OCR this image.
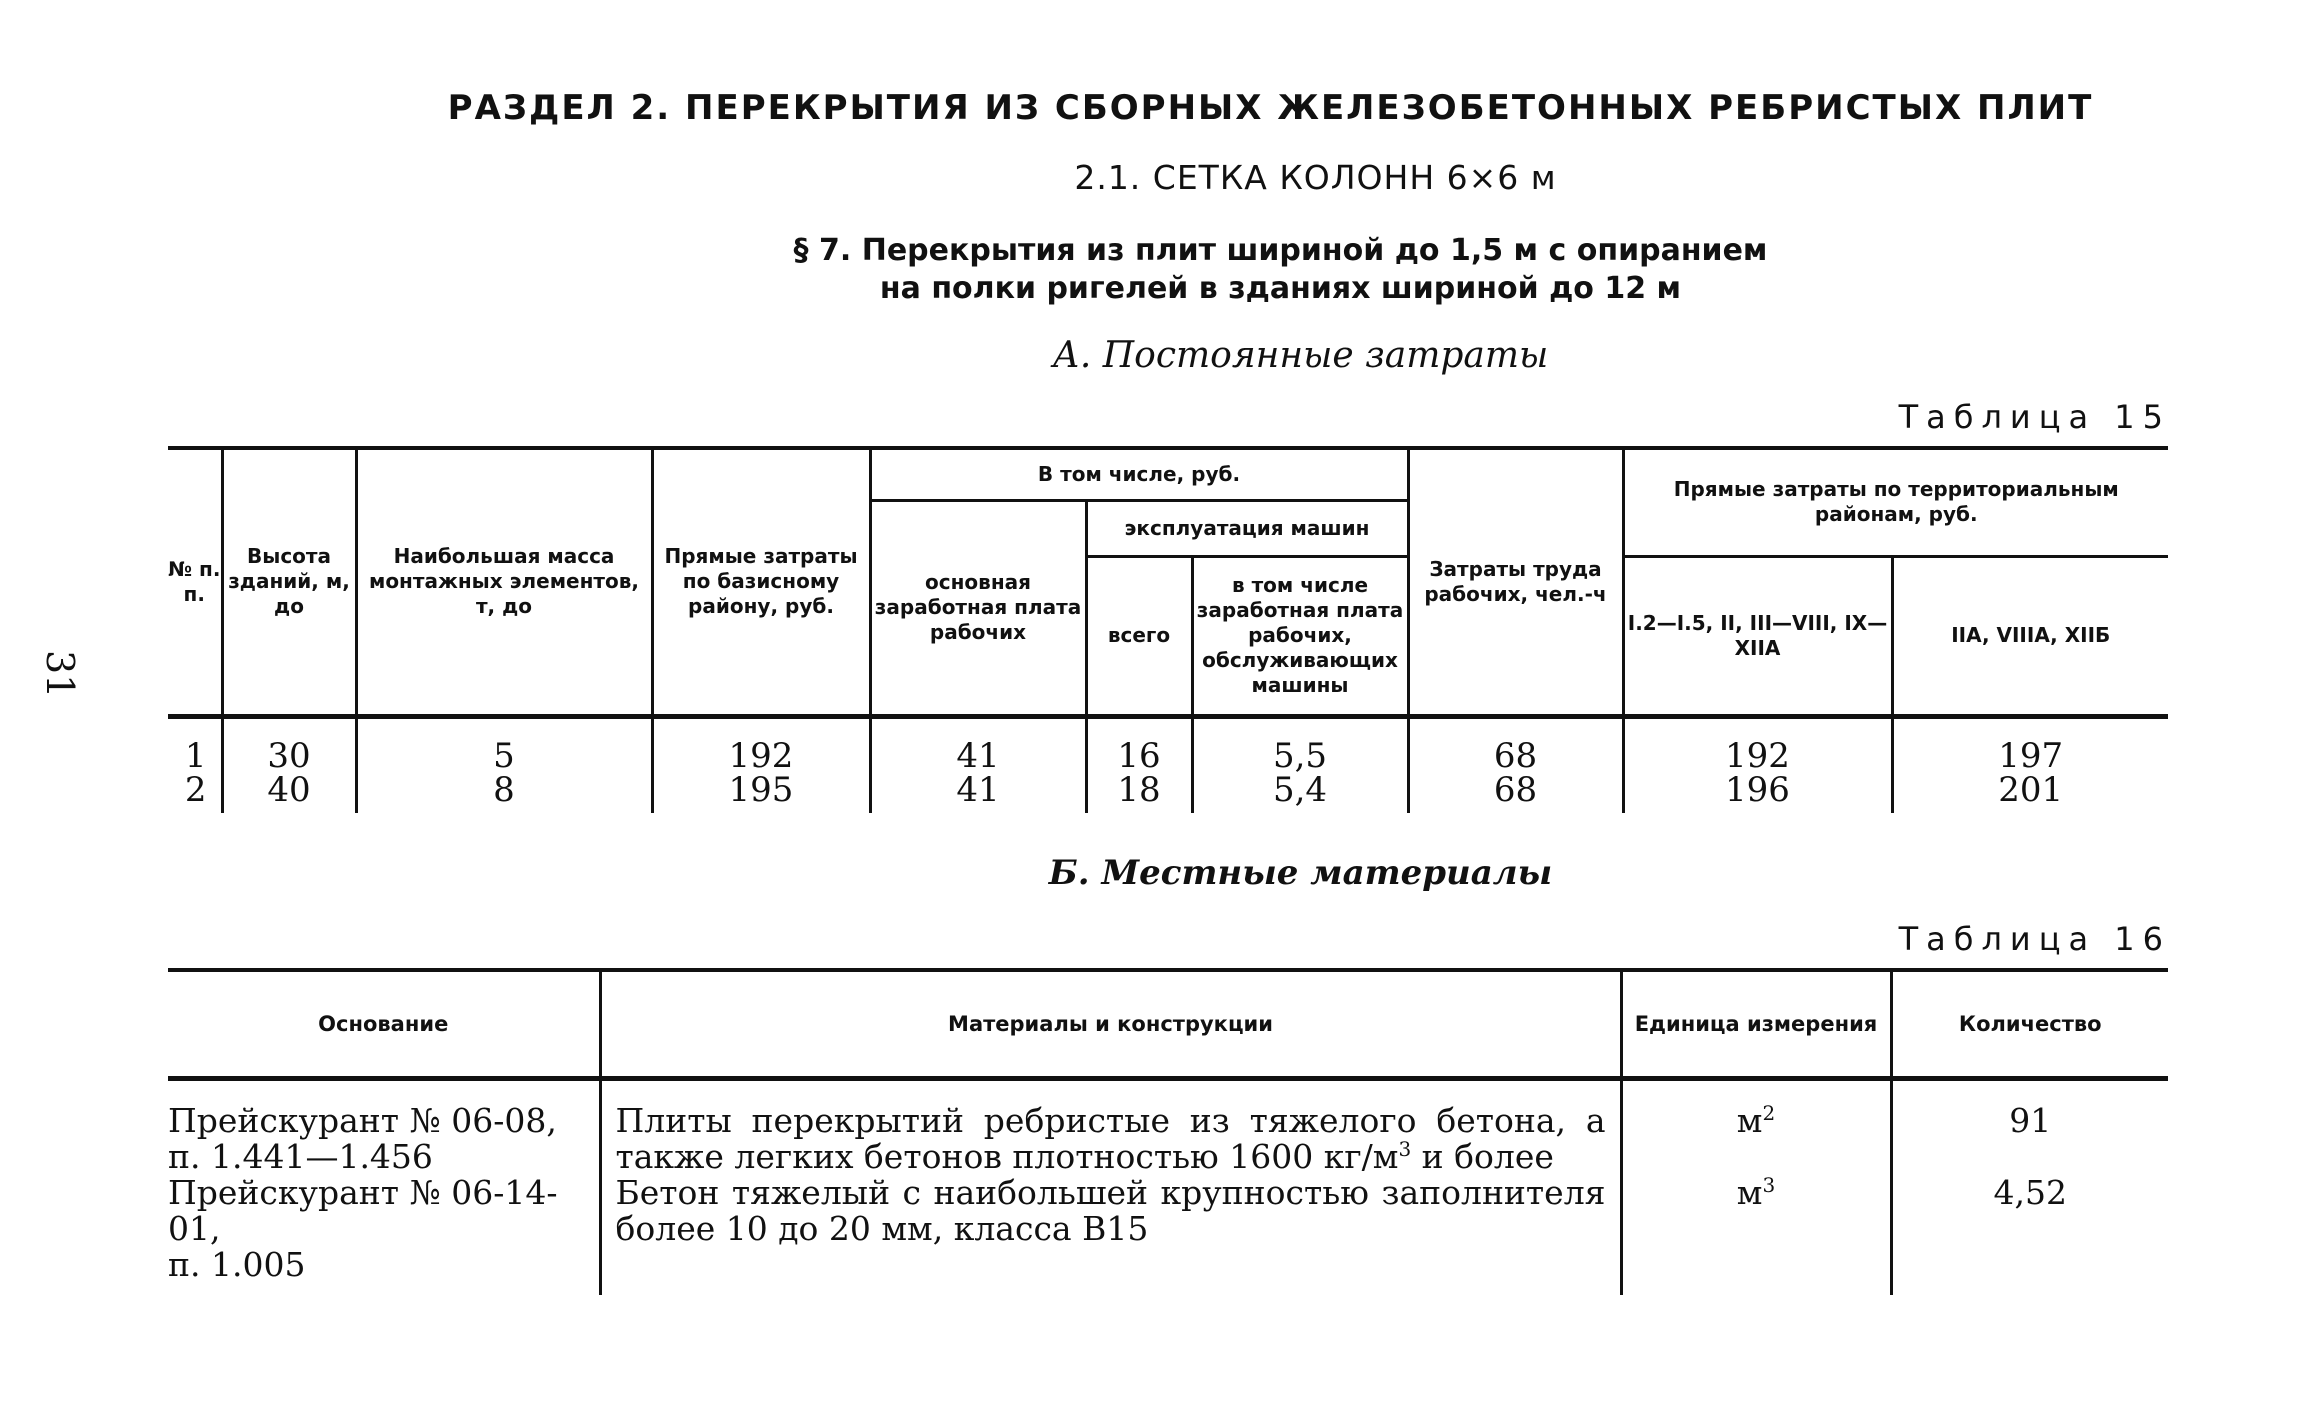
31
РАЗДЕЛ 2. ПЕРЕКРЫТИЯ ИЗ СБОРНЫХ ЖЕЛЕЗОБЕТОННЫХ РЕБРИСТЫХ ПЛИТ
2.1. СЕТКА КОЛОНН 6×6 м
§ 7. Перекрытия из плит шириной до 1,5 м с опиранием
на полки ригелей в зданиях шириной до 12 м
А. Постоянные затраты
Таблица 15
№ п. п.	Высота зданий, м, до	Наибольшая масса монтажных элементов, т, до	Прямые затраты по базисному району, руб.	В том числе, руб.			Затраты труда рабочих, чел.-ч	Прямые затраты по территориальным районам, руб.	
				основная заработная плата рабочих	эксплуатация машин				
					всего	в том числе заработная плата рабочих, обслуживающих машины		I.2—I.5, II, III—VIII, IX—XIIA	IIA, VIIIA, XIIБ
1	30	5	192	41	16	5,5	68	192	197
2	40	8	195	41	18	5,4	68	196	201
Б. Местные материалы
Таблица 16
Основание	Материалы и конструкции	Единица измерения	Количество

Прейскурант № 06-08,
п. 1.441—1.456	Плиты перекрытий ребристые из тяжелого бетона, а также легких бетонов плотностью 1600 $кг/м^3$ и более	$м^2$	91

Прейскурант № 06-14-01,
п. 1.005	Бетон тяжелый с наибольшей крупностью заполнителя более 10 до 20 мм, класса В15	$м^3$	4,52
